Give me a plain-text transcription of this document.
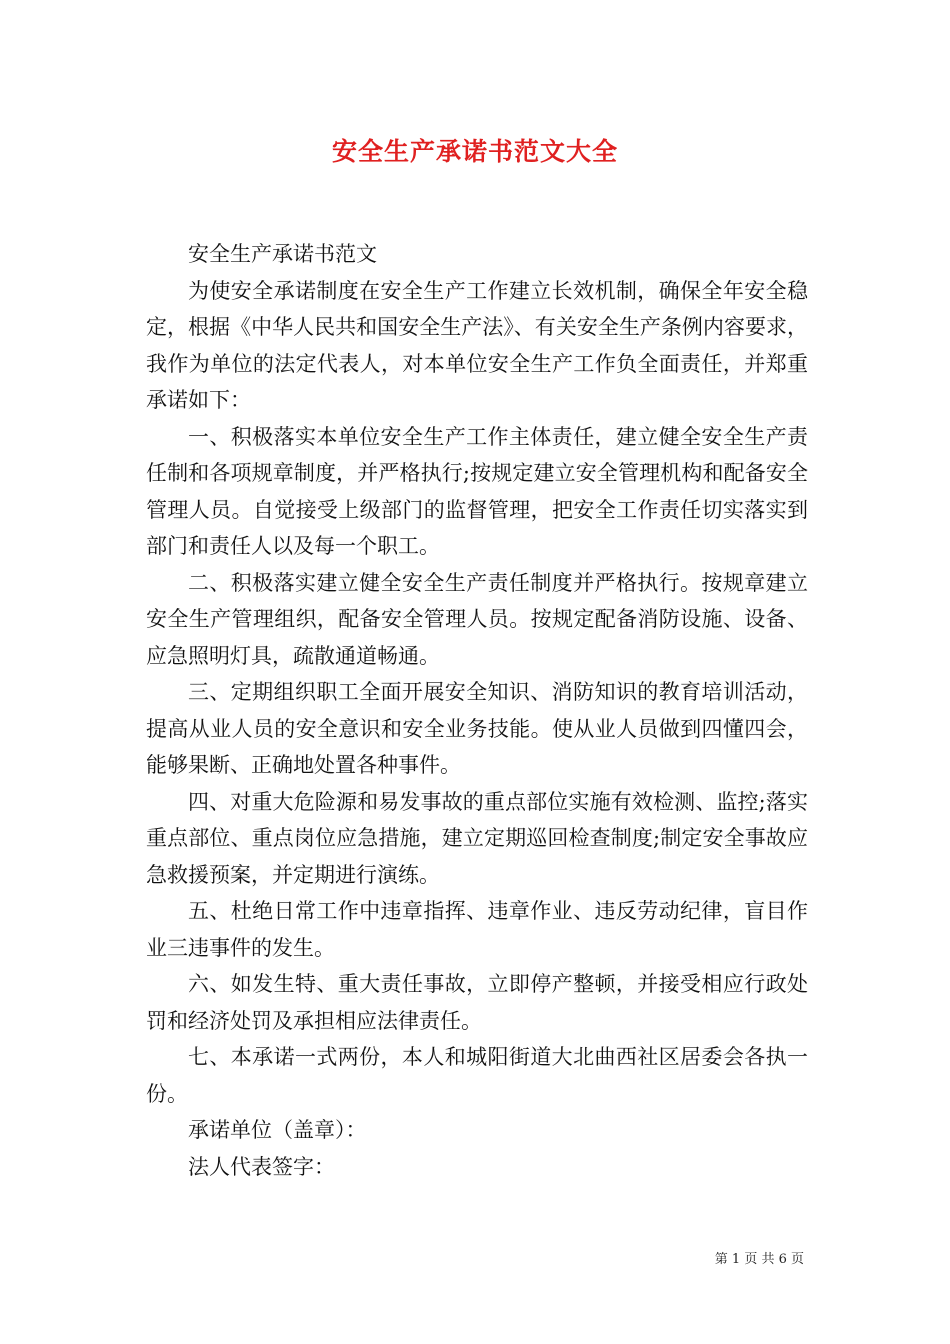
安全生产承诺书范文大全

安全生产承诺书范文

为使安全承诺制度在安全生产工作建立长效机制，确保全年安全稳定，根据《中华人民共和国安全生产法》、有关安全生产条例内容要求，我作为单位的法定代表人，对本单位安全生产工作负全面责任，并郑重承诺如下：

一、积极落实本单位安全生产工作主体责任，建立健全安全生产责任制和各项规章制度，并严格执行;按规定建立安全管理机构和配备安全管理人员。自觉接受上级部门的监督管理，把安全工作责任切实落实到部门和责任人以及每一个职工。

二、积极落实建立健全安全生产责任制度并严格执行。按规章建立安全生产管理组织，配备安全管理人员。按规定配备消防设施、设备、应急照明灯具，疏散通道畅通。

三、定期组织职工全面开展安全知识、消防知识的教育培训活动，提高从业人员的安全意识和安全业务技能。使从业人员做到四懂四会，能够果断、正确地处置各种事件。

四、对重大危险源和易发事故的重点部位实施有效检测、监控;落实重点部位、重点岗位应急措施，建立定期巡回检查制度;制定安全事故应急救援预案，并定期进行演练。

五、杜绝日常工作中违章指挥、违章作业、违反劳动纪律，盲目作业三违事件的发生。

六、如发生特、重大责任事故，立即停产整顿，并接受相应行政处罚和经济处罚及承担相应法律责任。

七、本承诺一式两份，本人和城阳街道大北曲西社区居委会各执一份。

承诺单位（盖章）：

法人代表签字：

第 1 页 共 6 页
